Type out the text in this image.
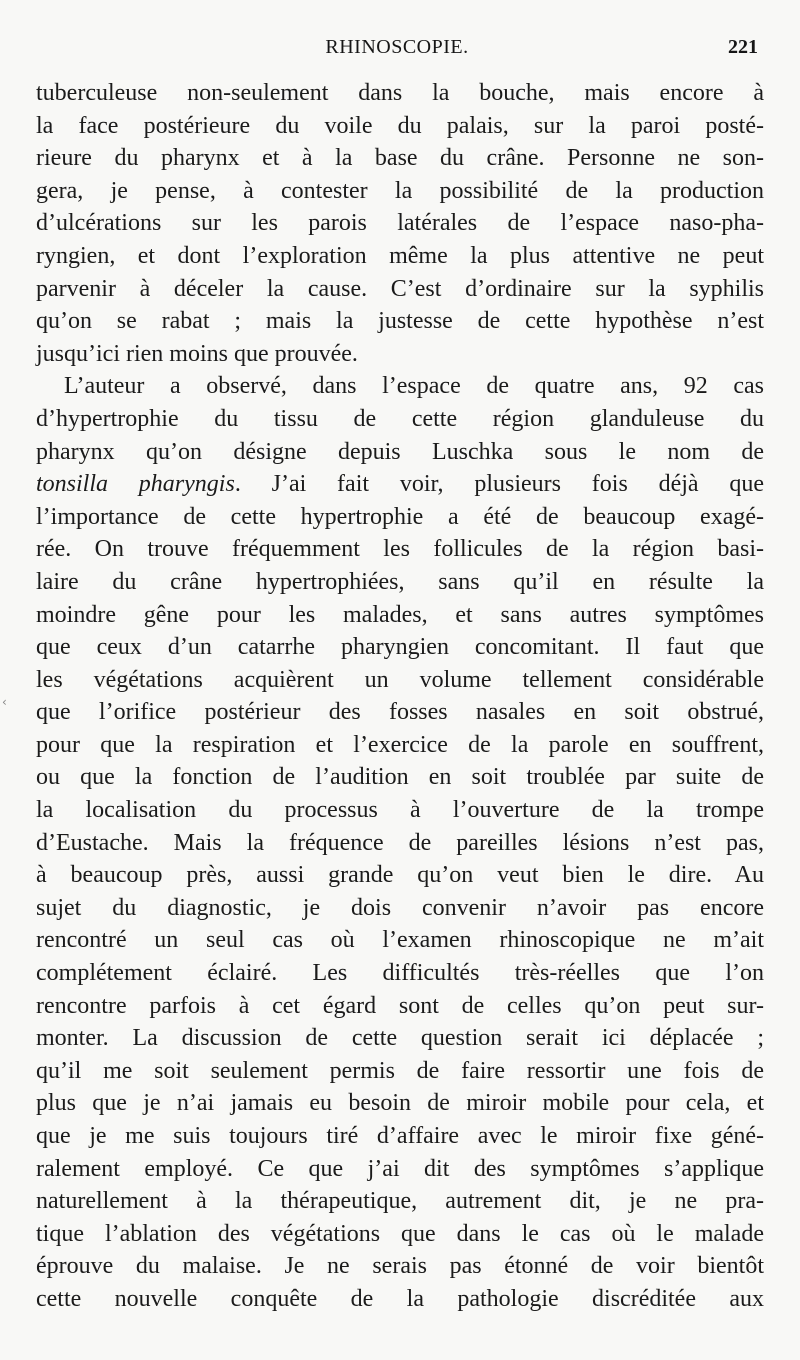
RHINOSCOPIE.	221
‹
tuberculeuse non-seulement dans la bouche, mais encore à
la face postérieure du voile du palais, sur la paroi posté-
rieure du pharynx et à la base du crâne. Personne ne son-
gera, je pense, à contester la possibilité de la production
d’ulcérations sur les parois latérales de l’espace naso-pha-
ryngien, et dont l’exploration même la plus attentive ne peut
parvenir à déceler la cause. C’est d’ordinaire sur la syphilis
qu’on se rabat ; mais la justesse de cette hypothèse n’est
jusqu’ici rien moins que prouvée.
L’auteur a observé, dans l’espace de quatre ans, 92 cas
d’hypertrophie du tissu de cette région glanduleuse du
pharynx qu’on désigne depuis Luschka sous le nom de
tonsilla pharyngis. J’ai fait voir, plusieurs fois déjà que
l’importance de cette hypertrophie a été de beaucoup exagé-
rée. On trouve fréquemment les follicules de la région basi-
laire du crâne hypertrophiées, sans qu’il en résulte la
moindre gêne pour les malades, et sans autres symptômes
que ceux d’un catarrhe pharyngien concomitant. Il faut que
les végétations acquièrent un volume tellement considérable
que l’orifice postérieur des fosses nasales en soit obstrué,
pour que la respiration et l’exercice de la parole en souffrent,
ou que la fonction de l’audition en soit troublée par suite de
la localisation du processus à l’ouverture de la trompe
d’Eustache. Mais la fréquence de pareilles lésions n’est pas,
à beaucoup près, aussi grande qu’on veut bien le dire. Au
sujet du diagnostic, je dois convenir n’avoir pas encore
rencontré un seul cas où l’examen rhinoscopique ne m’ait
complétement éclairé. Les difficultés très-réelles que l’on
rencontre parfois à cet égard sont de celles qu’on peut sur-
monter. La discussion de cette question serait ici déplacée ;
qu’il me soit seulement permis de faire ressortir une fois de
plus que je n’ai jamais eu besoin de miroir mobile pour cela, et
que je me suis toujours tiré d’affaire avec le miroir fixe géné-
ralement employé. Ce que j’ai dit des symptômes s’applique
naturellement à la thérapeutique, autrement dit, je ne pra-
tique l’ablation des végétations que dans le cas où le malade
éprouve du malaise. Je ne serais pas étonné de voir bientôt
cette nouvelle conquête de la pathologie discréditée aux
